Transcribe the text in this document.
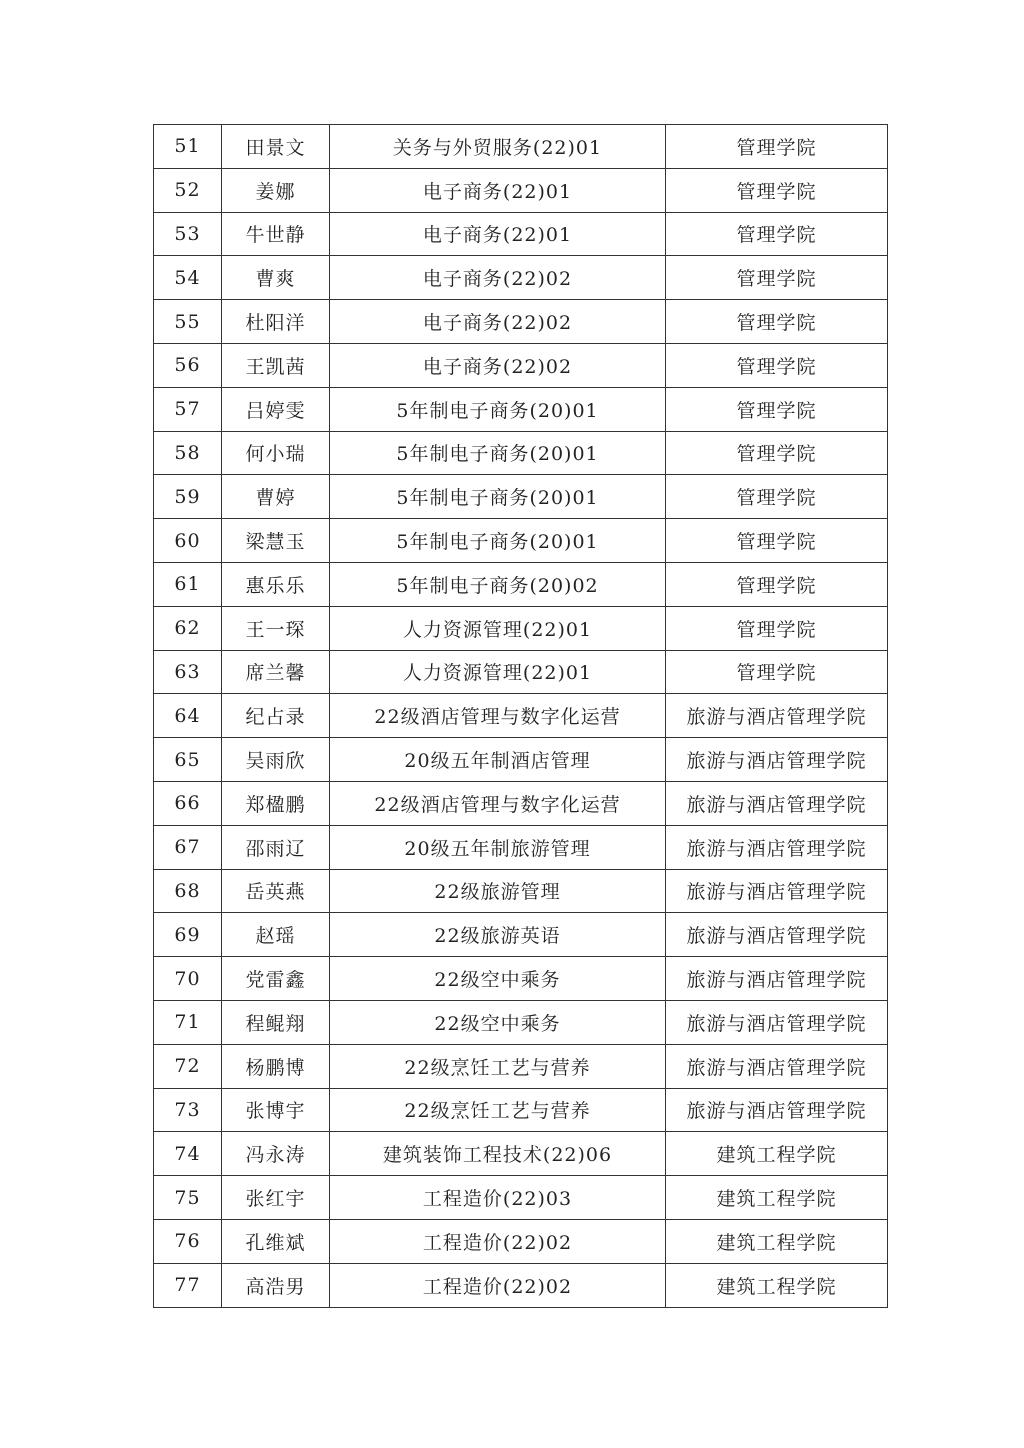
51	田景文	关务与外贸服务(22)01	管理学院
52	姜娜	电子商务(22)01	管理学院
53	牛世静	电子商务(22)01	管理学院
54	曹爽	电子商务(22)02	管理学院
55	杜阳洋	电子商务(22)02	管理学院
56	王凯茜	电子商务(22)02	管理学院
57	吕婷雯	5年制电子商务(20)01	管理学院
58	何小瑞	5年制电子商务(20)01	管理学院
59	曹婷	5年制电子商务(20)01	管理学院
60	梁慧玉	5年制电子商务(20)01	管理学院
61	惠乐乐	5年制电子商务(20)02	管理学院
62	王一琛	人力资源管理(22)01	管理学院
63	席兰馨	人力资源管理(22)01	管理学院
64	纪占录	22级酒店管理与数字化运营	旅游与酒店管理学院
65	吴雨欣	20级五年制酒店管理	旅游与酒店管理学院
66	郑楹鹏	22级酒店管理与数字化运营	旅游与酒店管理学院
67	邵雨辽	20级五年制旅游管理	旅游与酒店管理学院
68	岳英燕	22级旅游管理	旅游与酒店管理学院
69	赵瑶	22级旅游英语	旅游与酒店管理学院
70	党雷鑫	22级空中乘务	旅游与酒店管理学院
71	程鲲翔	22级空中乘务	旅游与酒店管理学院
72	杨鹏博	22级烹饪工艺与营养	旅游与酒店管理学院
73	张博宇	22级烹饪工艺与营养	旅游与酒店管理学院
74	冯永涛	建筑装饰工程技术(22)06	建筑工程学院
75	张红宇	工程造价(22)03	建筑工程学院
76	孔维斌	工程造价(22)02	建筑工程学院
77	高浩男	工程造价(22)02	建筑工程学院
